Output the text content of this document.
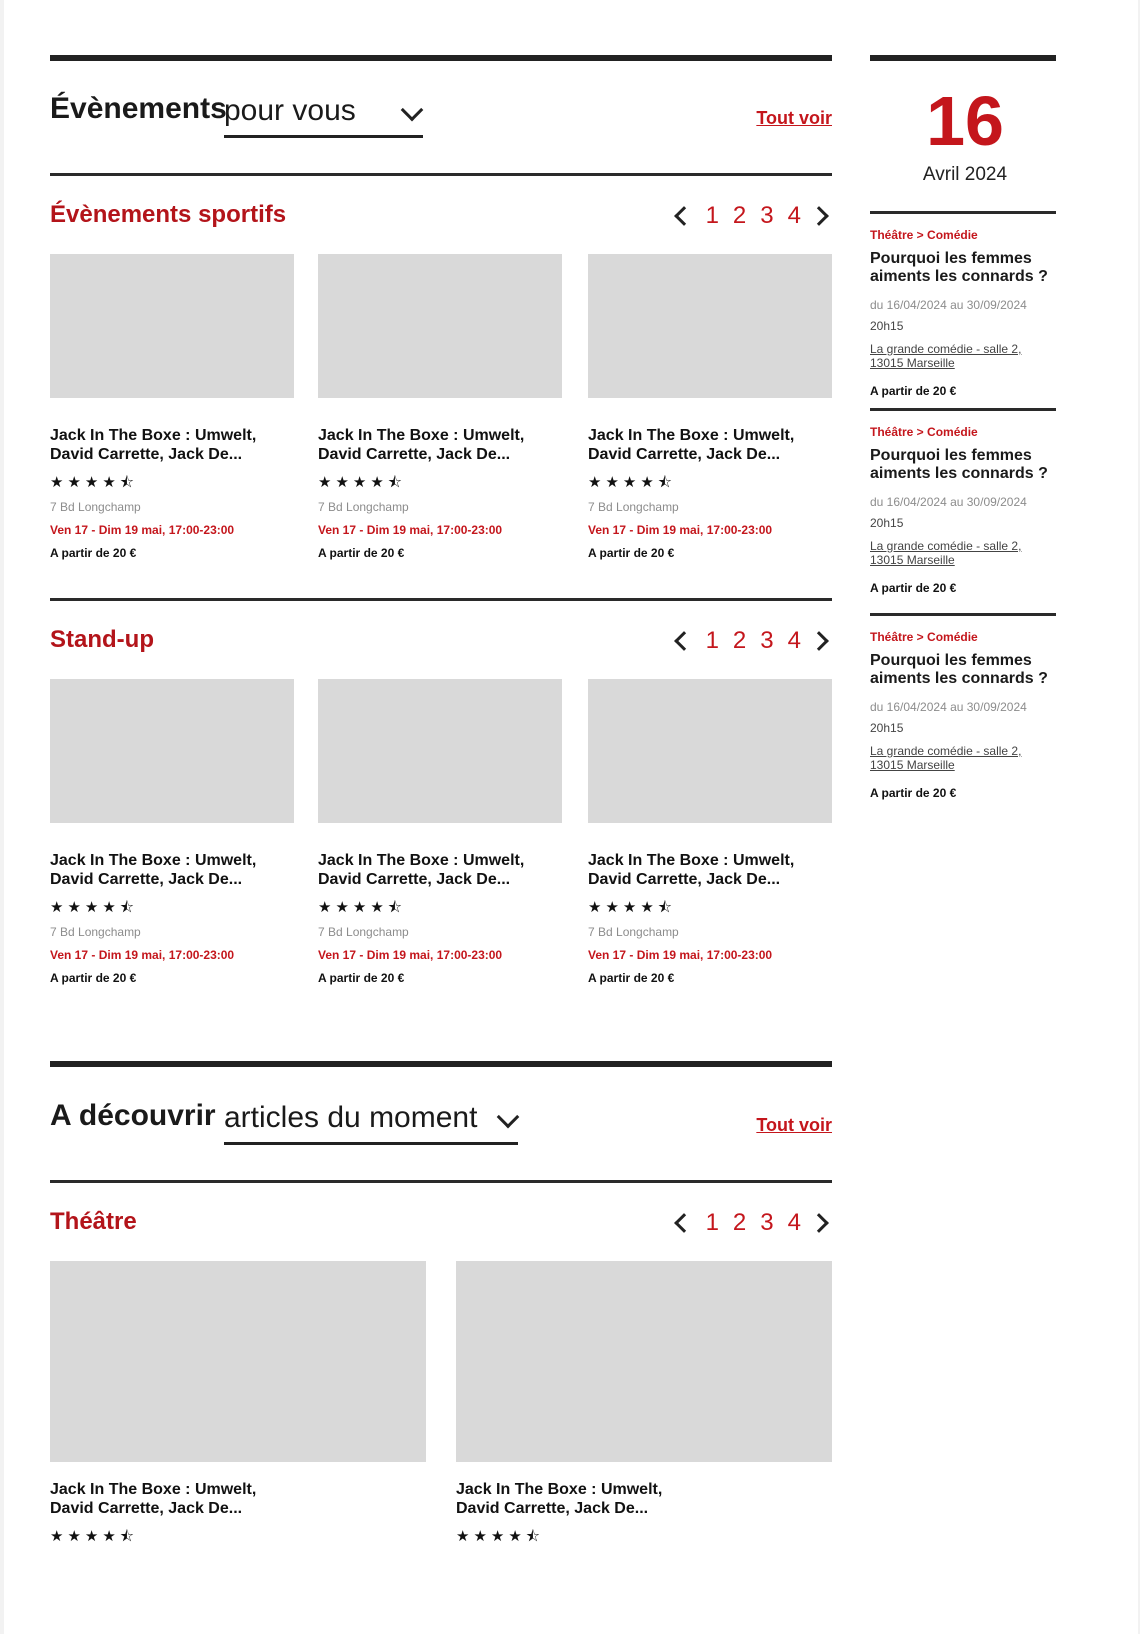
Évènements
pour vous	Tout voir
Évènements sportifs	1 2 3 4
Jack In The Boxe : Umwelt,
David Carrette, Jack De...
★★★★⯪
7 Bd Longchamp
Ven 17 - Dim 19 mai, 17:00-23:00
A partir de 20 €
Jack In The Boxe : Umwelt,
David Carrette, Jack De...
★★★★⯪
7 Bd Longchamp
Ven 17 - Dim 19 mai, 17:00-23:00
A partir de 20 €
Jack In The Boxe : Umwelt,
David Carrette, Jack De...
★★★★⯪
7 Bd Longchamp
Ven 17 - Dim 19 mai, 17:00-23:00
A partir de 20 €
Stand-up	1 2 3 4
Jack In The Boxe : Umwelt,
David Carrette, Jack De...
★★★★⯪
7 Bd Longchamp
Ven 17 - Dim 19 mai, 17:00-23:00
A partir de 20 €
Jack In The Boxe : Umwelt,
David Carrette, Jack De...
★★★★⯪
7 Bd Longchamp
Ven 17 - Dim 19 mai, 17:00-23:00
A partir de 20 €
Jack In The Boxe : Umwelt,
David Carrette, Jack De...
★★★★⯪
7 Bd Longchamp
Ven 17 - Dim 19 mai, 17:00-23:00
A partir de 20 €
A découvrir articles du moment	Tout voir
Théâtre	1 2 3 4
Jack In The Boxe : Umwelt,
David Carrette, Jack De...
★★★★⯪
Jack In The Boxe : Umwelt,
David Carrette, Jack De...
★★★★⯪
16
Avril 2024
Théâtre > Comédie
Pourquoi les femmes
aiments les connards ?
du 16/04/2024 au 30/09/2024
20h15
La grande comédie - salle 2,
13015 Marseille
A partir de 20 €
Théâtre > Comédie
Pourquoi les femmes
aiments les connards ?
du 16/04/2024 au 30/09/2024
20h15
La grande comédie - salle 2,
13015 Marseille
A partir de 20 €
Théâtre > Comédie
Pourquoi les femmes
aiments les connards ?
du 16/04/2024 au 30/09/2024
20h15
La grande comédie - salle 2,
13015 Marseille
A partir de 20 €
